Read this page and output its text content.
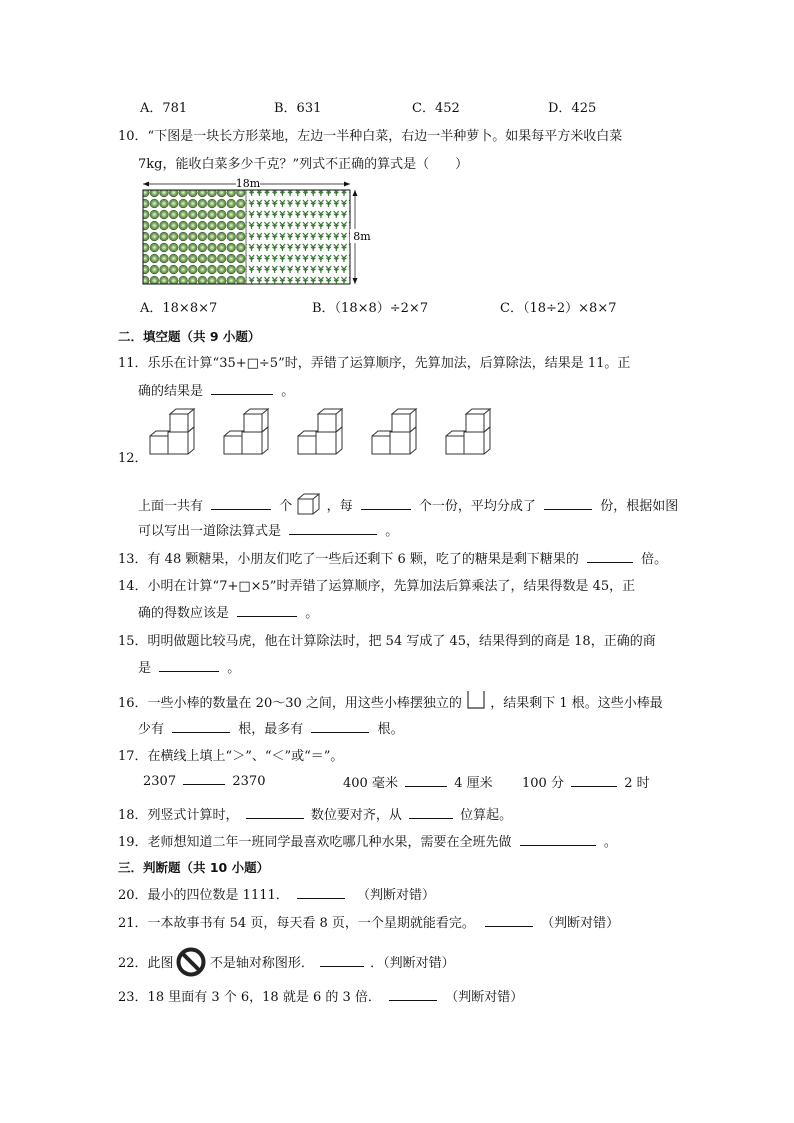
A．781	B．631	C．452	D．425
10．“下图是一块长方形菜地，左边一半种白菜，右边一半种萝卜。如果每平方米收白菜
7kg，能收白菜多少千克？”列式不正确的算式是（　　）
18m
8m
A．18×8×7	B．（18×8）÷2×7	C．（18÷2）×8×7
二．填空题（共 9 小题）
11．乐乐在计算“35+□÷5”时，弄错了运算顺序，先算加法，后算除法，结果是 11。正
确的结果是	。
12．
上面一共有	个	，每	个一份，平均分成了	份，根据如图
可以写出一道除法算式是	。
13．有 48 颗糖果，小朋友们吃了一些后还剩下 6 颗，吃了的糖果是剩下糖果的	倍。
14．小明在计算“7+□×5”时弄错了运算顺序，先算加法后算乘法了，结果得数是 45，正
确的得数应该是	。
15．明明做题比较马虎，他在计算除法时，把 54 写成了 45，结果得到的商是 18，正确的商
是	。
16．一些小棒的数量在 20～30 之间，用这些小棒摆独立的 ，结果剩下 1 根。这些小棒最
少有	根，最多有	根。
17．在横线上填上“＞”、“＜”或“＝”。
2307	2370	400 毫米	4 厘米 100 分	2 时
18．列竖式计算时，	数位要对齐，从	位算起。
19．老师想知道二年一班同学最喜欢吃哪几种水果，需要在全班先做	。
三．判断题（共 10 小题）
20．最小的四位数是 1111．	（判断对错）
21．一本故事书有 54 页，每天看 8 页，一个星期就能看完。	（判断对错）
22．此图	不是轴对称图形．	．（判断对错）
23．18 里面有 3 个 6，18 就是 6 的 3 倍．	（判断对错）
